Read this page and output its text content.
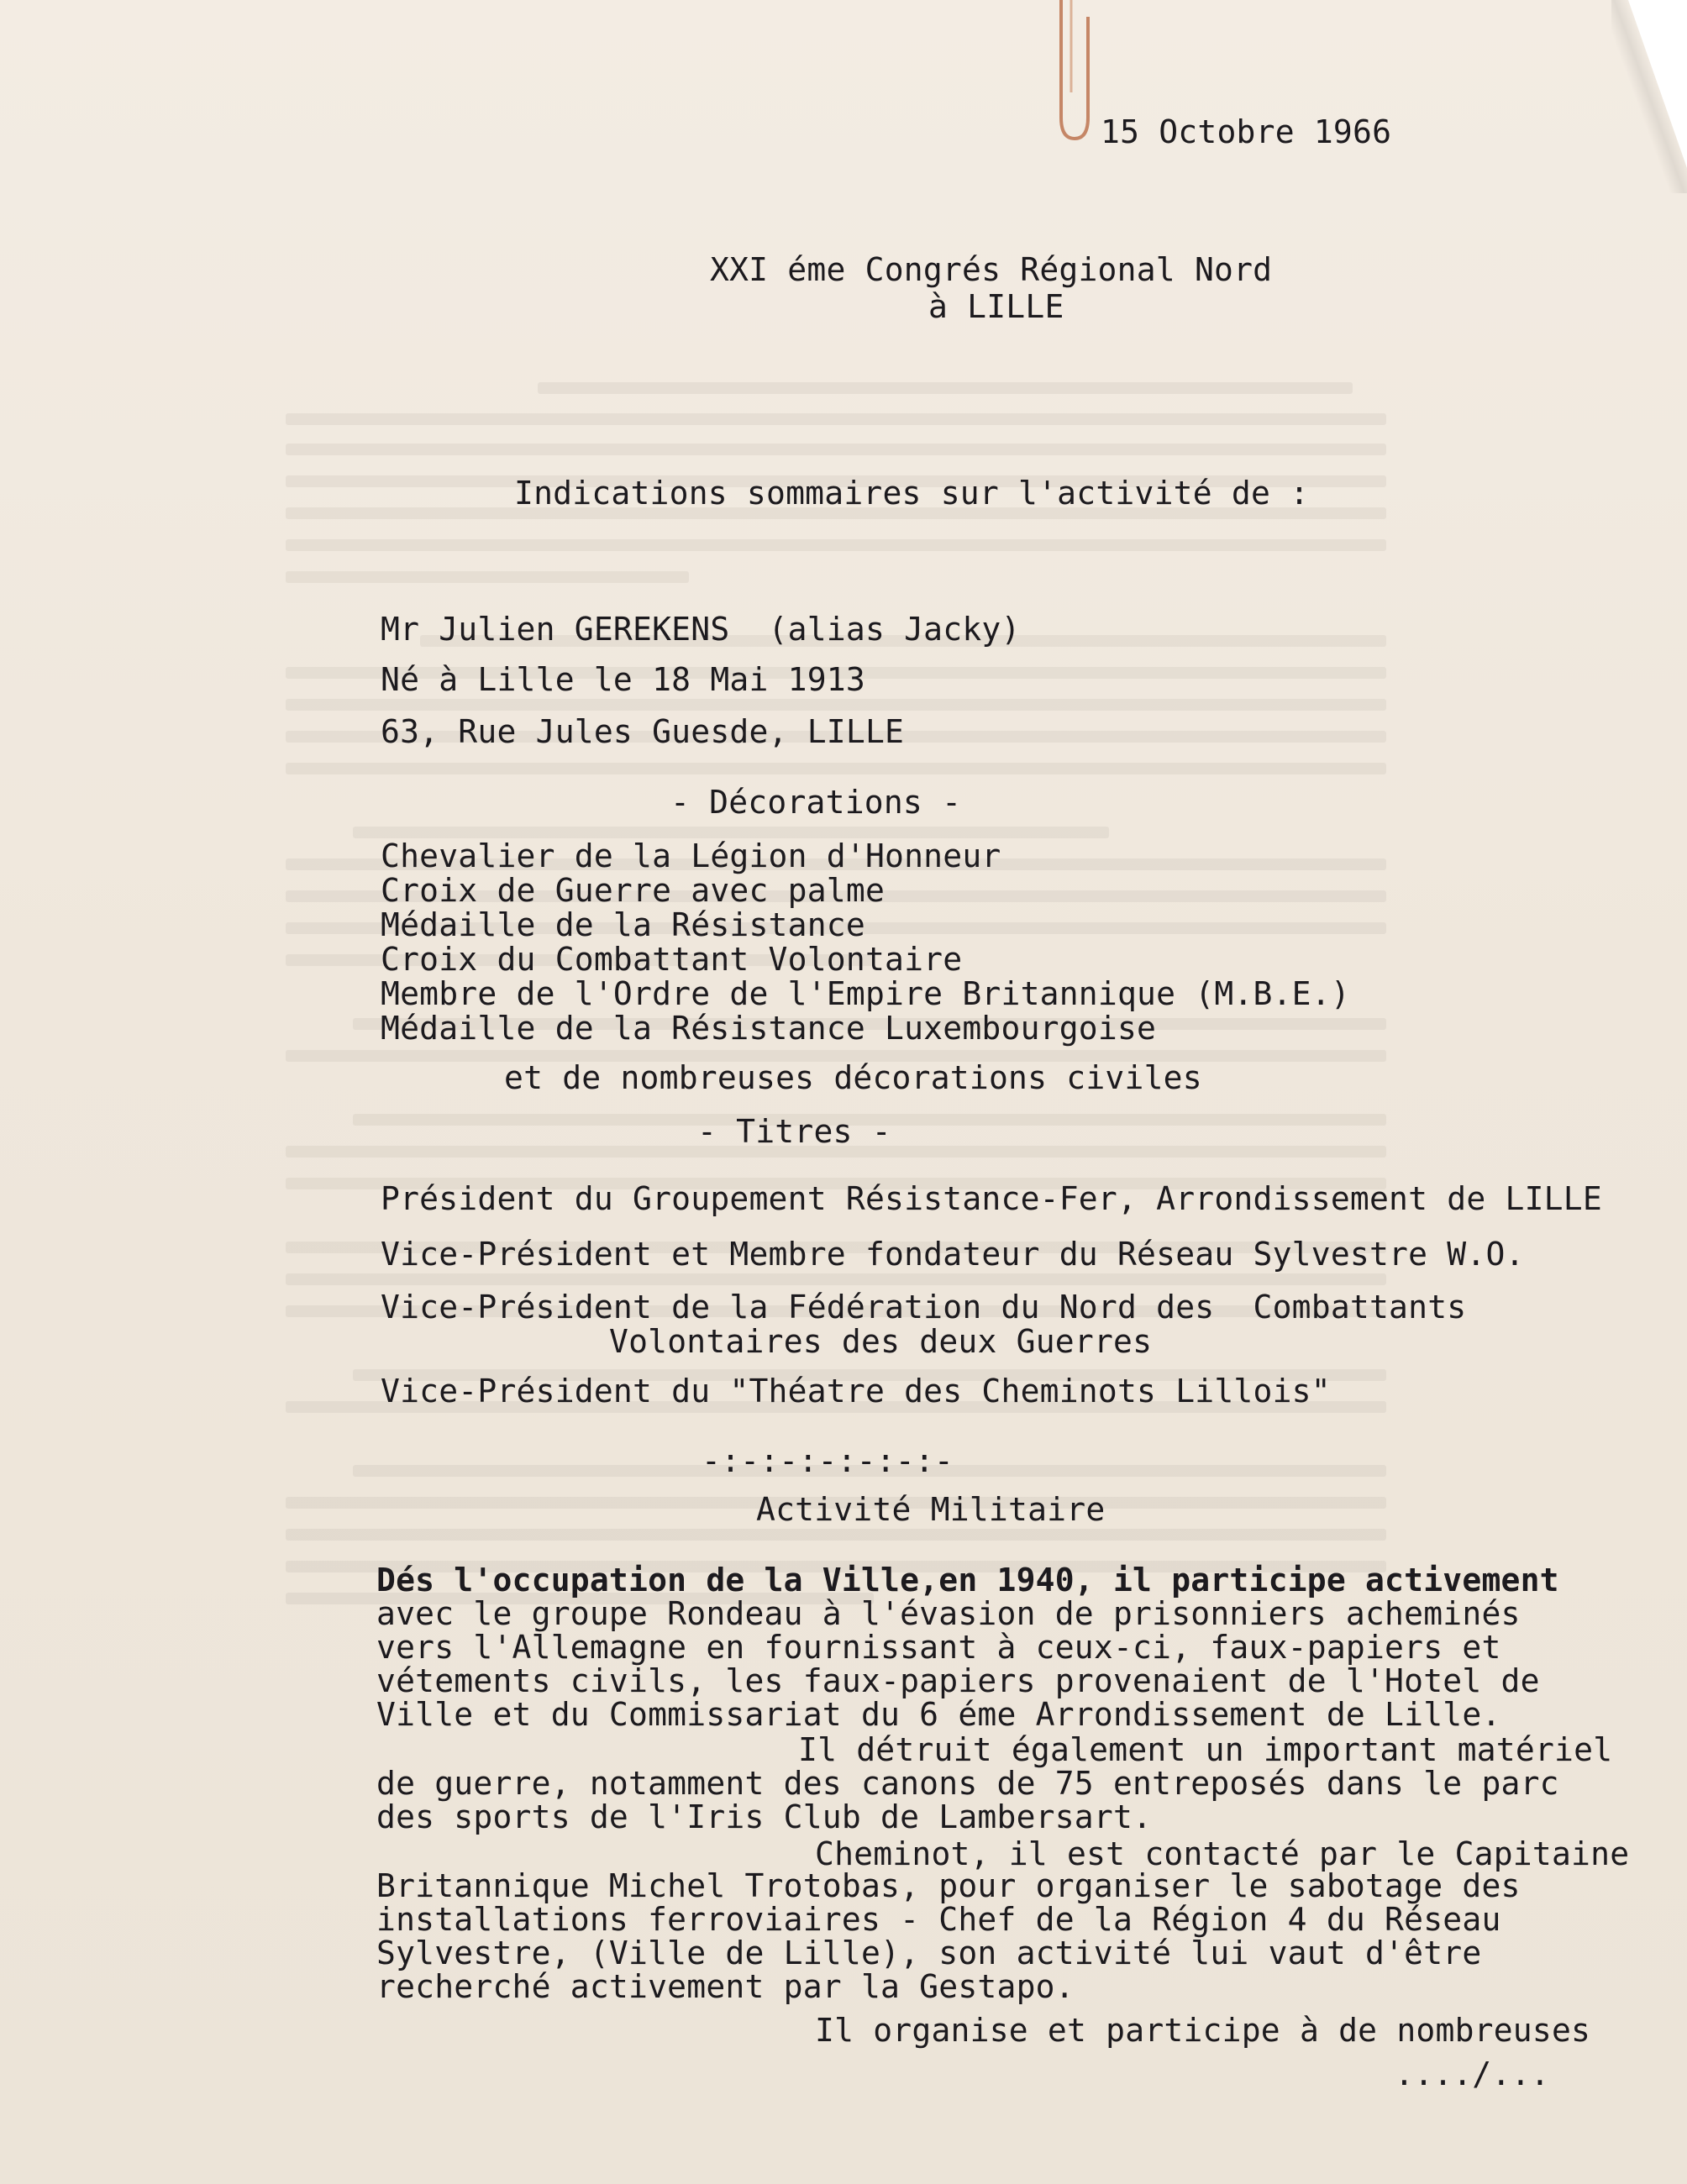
15 Octobre 1966
XXI éme Congrés Régional Nord
à LILLE
Indications sommaires sur l'activité de :
Mr Julien GEREKENS  (alias Jacky)
Né à Lille le 18 Mai 1913
63, Rue Jules Guesde, LILLE
- Décorations -
Chevalier de la Légion d'Honneur
Croix de Guerre avec palme
Médaille de la Résistance
Croix du Combattant Volontaire
Membre de l'Ordre de l'Empire Britannique (M.B.E.)
Médaille de la Résistance Luxembourgoise
et de nombreuses décorations civiles
- Titres -
Président du Groupement Résistance-Fer, Arrondissement de LILLE
Vice-Président et Membre fondateur du Réseau Sylvestre W.O.
Vice-Président de la Fédération du Nord des  Combattants
Volontaires des deux Guerres
Vice-Président du "Théatre des Cheminots Lillois"
-:-:-:-:-:-:-
Activité Militaire
Dés l'occupation de la Ville,en 1940, il participe activement
avec le groupe Rondeau à l'évasion de prisonniers acheminés
vers l'Allemagne en fournissant à ceux-ci, faux-papiers et
vétements civils, les faux-papiers provenaient de l'Hotel de
Ville et du Commissariat du 6 éme Arrondissement de Lille.
Il détruit également un important matériel
de guerre, notamment des canons de 75 entreposés dans le parc
des sports de l'Iris Club de Lambersart.
Cheminot, il est contacté par le Capitaine
Britannique Michel Trotobas, pour organiser le sabotage des
installations ferroviaires - Chef de la Région 4 du Réseau
Sylvestre, (Ville de Lille), son activité lui vaut d'être
recherché activement par la Gestapo.
Il organise et participe à de nombreuses
..../...
